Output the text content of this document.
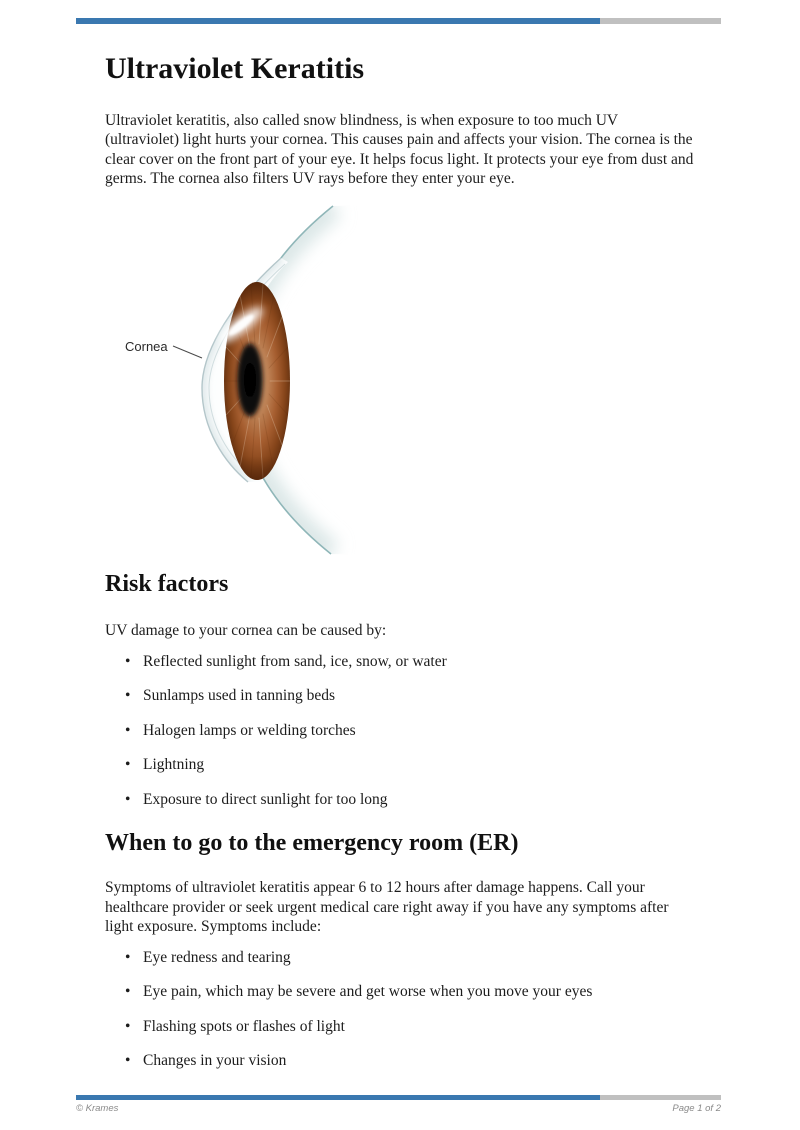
Ultraviolet Keratitis

Ultraviolet keratitis, also called snow blindness, is when exposure to too much UV (ultraviolet) light hurts your cornea. This causes pain and affects your vision. The cornea is the clear cover on the front part of your eye. It helps focus light. It protects your eye from dust and germs. The cornea also filters UV rays before they enter your eye.

Cornea
Risk factors

UV damage to your cornea can be caused by:

• Reflected sunlight from sand, ice, snow, or water
• Sunlamps used in tanning beds
• Halogen lamps or welding torches
• Lightning
• Exposure to direct sunlight for too long
When to go to the emergency room (ER)

Symptoms of ultraviolet keratitis appear 6 to 12 hours after damage happens. Call your healthcare provider or seek urgent medical care right away if you have any symptoms after light exposure. Symptoms include:

• Eye redness and tearing
• Eye pain, which may be severe and get worse when you move your eyes
• Flashing spots or flashes of light
• Changes in your vision
© Krames	Page 1 of 2
